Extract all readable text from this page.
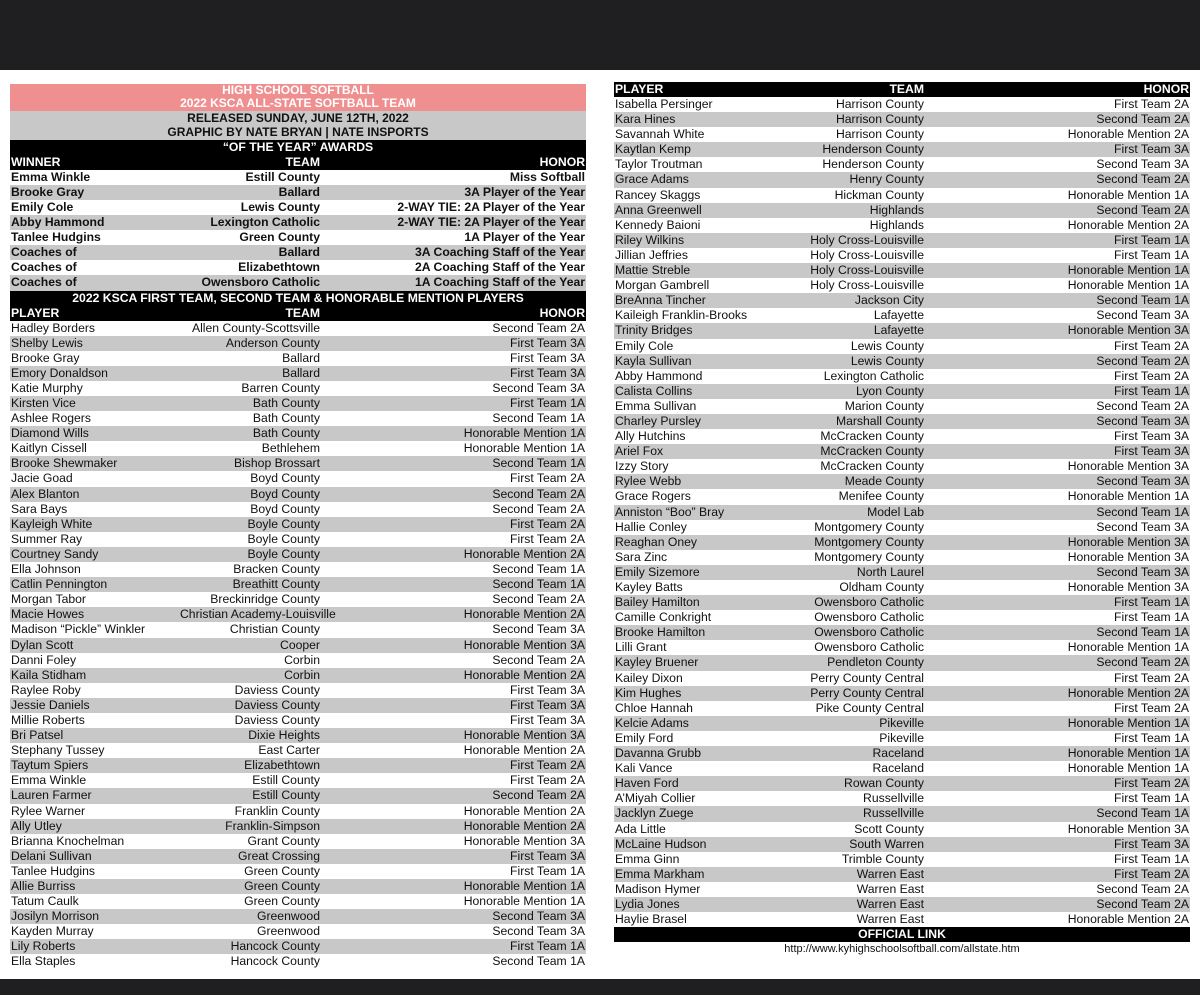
HIGH SCHOOL SOFTBALL
2022 KSCA ALL-STATE SOFTBALL TEAM
RELEASED SUNDAY, JUNE 12TH, 2022
GRAPHIC BY NATE BRYAN | NATE INSPORTS
“OF THE YEAR” AWARDS
WINNER	TEAM	HONOR
Emma Winkle	Estill County	Miss Softball
Brooke Gray	Ballard	3A Player of the Year
Emily Cole	Lewis County	2-WAY TIE: 2A Player of the Year
Abby Hammond	Lexington Catholic	2-WAY TIE: 2A Player of the Year
Tanlee Hudgins	Green County	1A Player of the Year
Coaches of	Ballard	3A Coaching Staff of the Year
Coaches of	Elizabethtown	2A Coaching Staff of the Year
Coaches of	Owensboro Catholic	1A Coaching Staff of the Year
2022 KSCA FIRST TEAM, SECOND TEAM & HONORABLE MENTION PLAYERS
PLAYER	TEAM	HONOR
Hadley Borders	Allen County-Scottsville	Second Team 2A
Shelby Lewis	Anderson County	First Team 3A
Brooke Gray	Ballard	First Team 3A
Emory Donaldson	Ballard	First Team 3A
Katie Murphy	Barren County	Second Team 3A
Kirsten Vice	Bath County	First Team 1A
Ashlee Rogers	Bath County	Second Team 1A
Diamond Wills	Bath County	Honorable Mention 1A
Kaitlyn Cissell	Bethlehem	Honorable Mention 1A
Brooke Shewmaker	Bishop Brossart	Second Team 1A
Jacie Goad	Boyd County	First Team 2A
Alex Blanton	Boyd County	Second Team 2A
Sara Bays	Boyd County	Second Team 2A
Kayleigh White	Boyle County	First Team 2A
Summer Ray	Boyle County	First Team 2A
Courtney Sandy	Boyle County	Honorable Mention 2A
Ella Johnson	Bracken County	Second Team 1A
Catlin Pennington	Breathitt County	Second Team 1A
Morgan Tabor	Breckinridge County	Second Team 2A
Macie Howes	Christian Academy-Louisville	Honorable Mention 2A
Madison “Pickle” Winkler	Christian County	Second Team 3A
Dylan Scott	Cooper	Honorable Mention 3A
Danni Foley	Corbin	Second Team 2A
Kaila Stidham	Corbin	Honorable Mention 2A
Raylee Roby	Daviess County	First Team 3A
Jessie Daniels	Daviess County	First Team 3A
Millie Roberts	Daviess County	First Team 3A
Bri Patsel	Dixie Heights	Honorable Mention 3A
Stephany Tussey	East Carter	Honorable Mention 2A
Taytum Spiers	Elizabethtown	First Team 2A
Emma Winkle	Estill County	First Team 2A
Lauren Farmer	Estill County	Second Team 2A
Rylee Warner	Franklin County	Honorable Mention 2A
Ally Utley	Franklin-Simpson	Honorable Mention 2A
Brianna Knochelman	Grant County	Honorable Mention 3A
Delani Sullivan	Great Crossing	First Team 3A
Tanlee Hudgins	Green County	First Team 1A
Allie Burriss	Green County	Honorable Mention 1A
Tatum Caulk	Green County	Honorable Mention 1A
Josilyn Morrison	Greenwood	Second Team 3A
Kayden Murray	Greenwood	Second Team 3A
Lily Roberts	Hancock County	First Team 1A
Ella Staples	Hancock County	Second Team 1A
PLAYER	TEAM	HONOR
Isabella Persinger	Harrison County	First Team 2A
Kara Hines	Harrison County	Second Team 2A
Savannah White	Harrison County	Honorable Mention 2A
Kaytlan Kemp	Henderson County	First Team 3A
Taylor Troutman	Henderson County	Second Team 3A
Grace Adams	Henry County	Second Team 2A
Rancey Skaggs	Hickman County	Honorable Mention 1A
Anna Greenwell	Highlands	Second Team 2A
Kennedy Baioni	Highlands	Honorable Mention 2A
Riley Wilkins	Holy Cross-Louisville	First Team 1A
Jillian Jeffries	Holy Cross-Louisville	First Team 1A
Mattie Streble	Holy Cross-Louisville	Honorable Mention 1A
Morgan Gambrell	Holy Cross-Louisville	Honorable Mention 1A
BreAnna Tincher	Jackson City	Second Team 1A
Kaileigh Franklin-Brooks	Lafayette	Second Team 3A
Trinity Bridges	Lafayette	Honorable Mention 3A
Emily Cole	Lewis County	First Team 2A
Kayla Sullivan	Lewis County	Second Team 2A
Abby Hammond	Lexington Catholic	First Team 2A
Calista Collins	Lyon County	First Team 1A
Emma Sullivan	Marion County	Second Team 2A
Charley Pursley	Marshall County	Second Team 3A
Ally Hutchins	McCracken County	First Team 3A
Ariel Fox	McCracken County	First Team 3A
Izzy Story	McCracken County	Honorable Mention 3A
Rylee Webb	Meade County	Second Team 3A
Grace Rogers	Menifee County	Honorable Mention 1A
Anniston “Boo” Bray	Model Lab	Second Team 1A
Hallie Conley	Montgomery County	Second Team 3A
Reaghan Oney	Montgomery County	Honorable Mention 3A
Sara Zinc	Montgomery County	Honorable Mention 3A
Emily Sizemore	North Laurel	Second Team 3A
Kayley Batts	Oldham County	Honorable Mention 3A
Bailey Hamilton	Owensboro Catholic	First Team 1A
Camille Conkright	Owensboro Catholic	First Team 1A
Brooke Hamilton	Owensboro Catholic	Second Team 1A
Lilli Grant	Owensboro Catholic	Honorable Mention 1A
Kayley Bruener	Pendleton County	Second Team 2A
Kailey Dixon	Perry County Central	First Team 2A
Kim Hughes	Perry County Central	Honorable Mention 2A
Chloe Hannah	Pike County Central	First Team 2A
Kelcie Adams	Pikeville	Honorable Mention 1A
Emily Ford	Pikeville	First Team 1A
Davanna Grubb	Raceland	Honorable Mention 1A
Kali Vance	Raceland	Honorable Mention 1A
Haven Ford	Rowan County	First Team 2A
A’Miyah Collier	Russellville	First Team 1A
Jacklyn Zuege	Russellville	Second Team 1A
Ada Little	Scott County	Honorable Mention 3A
McLaine Hudson	South Warren	First Team 3A
Emma Ginn	Trimble County	First Team 1A
Emma Markham	Warren East	First Team 2A
Madison Hymer	Warren East	Second Team 2A
Lydia Jones	Warren East	Second Team 2A
Haylie Brasel	Warren East	Honorable Mention 2A
OFFICIAL LINK
http://www.kyhighschoolsoftball.com/allstate.htm
